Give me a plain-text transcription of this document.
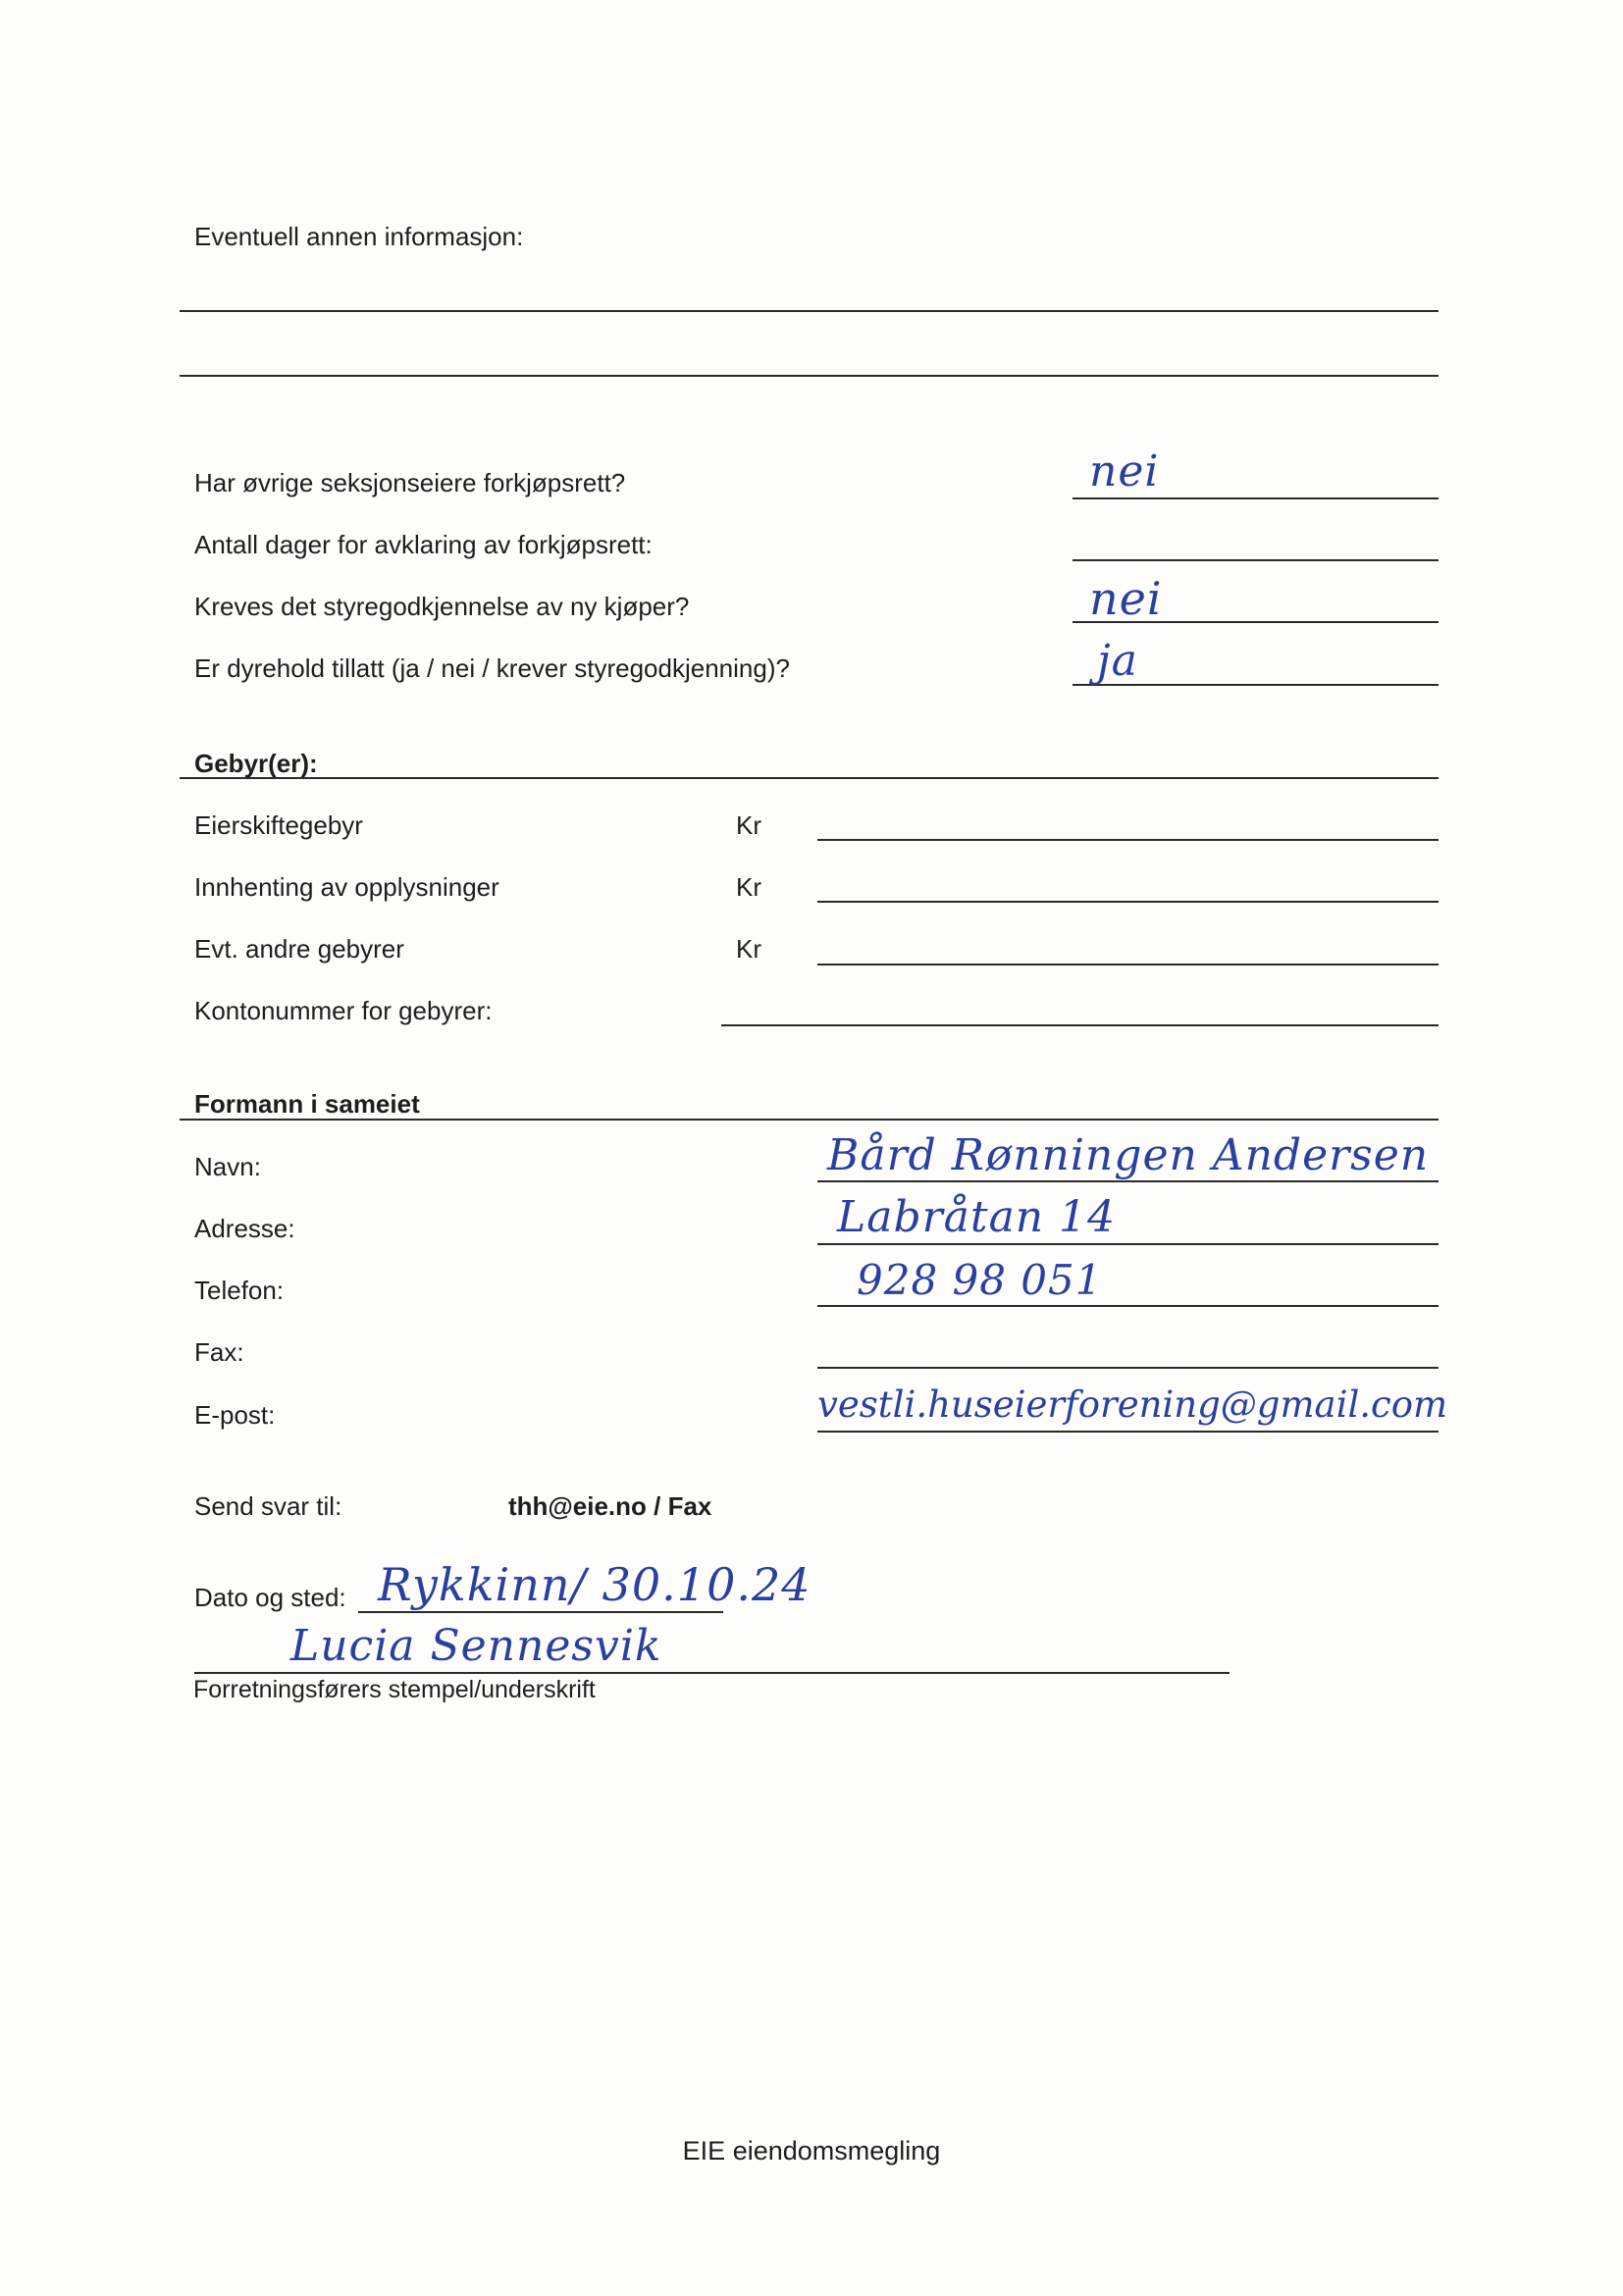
Eventuell annen informasjon:
Har øvrige seksjonseiere forkjøpsrett?	nei
Antall dager for avklaring av forkjøpsrett:
Kreves det styregodkjennelse av ny kjøper?	nei
Er dyrehold tillatt (ja / nei / krever styregodkjenning)?	ja
Gebyr(er):
Eierskiftegebyr	Kr
Innhenting av opplysninger	Kr
Evt. andre gebyrer	Kr
Kontonummer for gebyrer:
Formann i sameiet
Navn:	Bård Rønningen Andersen
Adresse:	Labråtan 14
Telefon:	928 98 051
Fax:
E-post:	vestli.huseierforening@gmail.com
Send svar til:	thh@eie.no / Fax
Dato og sted: Rykkinn/ 30.10.24
Lucia Sennesvik
Forretningsførers stempel/underskrift
EIE eiendomsmegling
